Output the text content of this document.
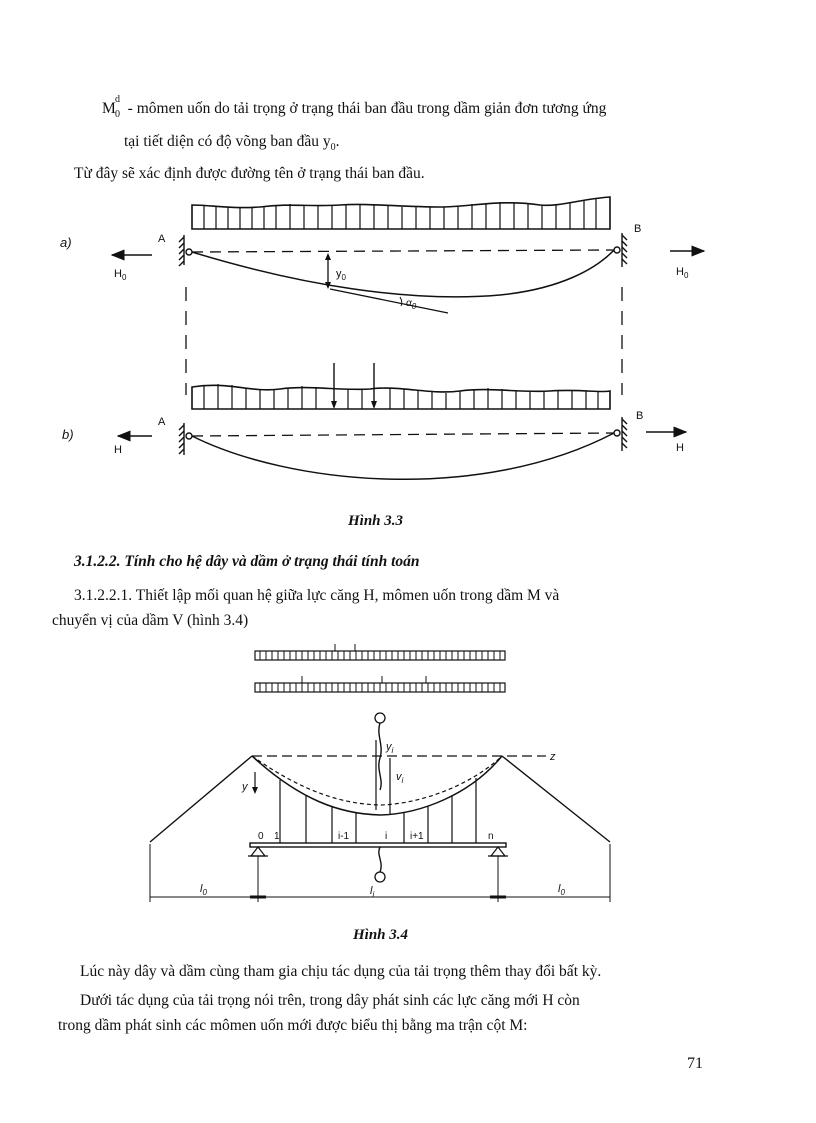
M
d
0 - mômen uốn do tải trọng ở trạng thái ban đầu trong dầm giản đơn tương ứng
tại tiết diện có độ võng ban đầu $y_0$.
Từ đây sẽ xác định được đường tên ở trạng thái ban đầu.
a)	A
B
$\alpha_0$
$y_0$
$H_0$	$H_0$
A	B
b)
H	H
Hình 3.3
3.1.2.2. Tính cho hệ dây và dầm ở trạng thái tính toán
3.1.2.2.1. Thiết lập mối quan hệ giữa lực căng H, mômen uốn trong dầm M và
chuyển vị của dầm V (hình 3.4)
z
$y_i$
$v_i$
y
0 1	i-1	i i+1	n
$l_i$
$l_0$	$l_0$
Hình 3.4
Lúc này dây và dầm cùng tham gia chịu tác dụng của tải trọng thêm thay đổi bất kỳ.
Dưới tác dụng của tải trọng nói trên, trong dây phát sinh các lực căng mới H còn
trong dầm phát sinh các mômen uốn mới được biểu thị bằng ma trận cột M:
71
